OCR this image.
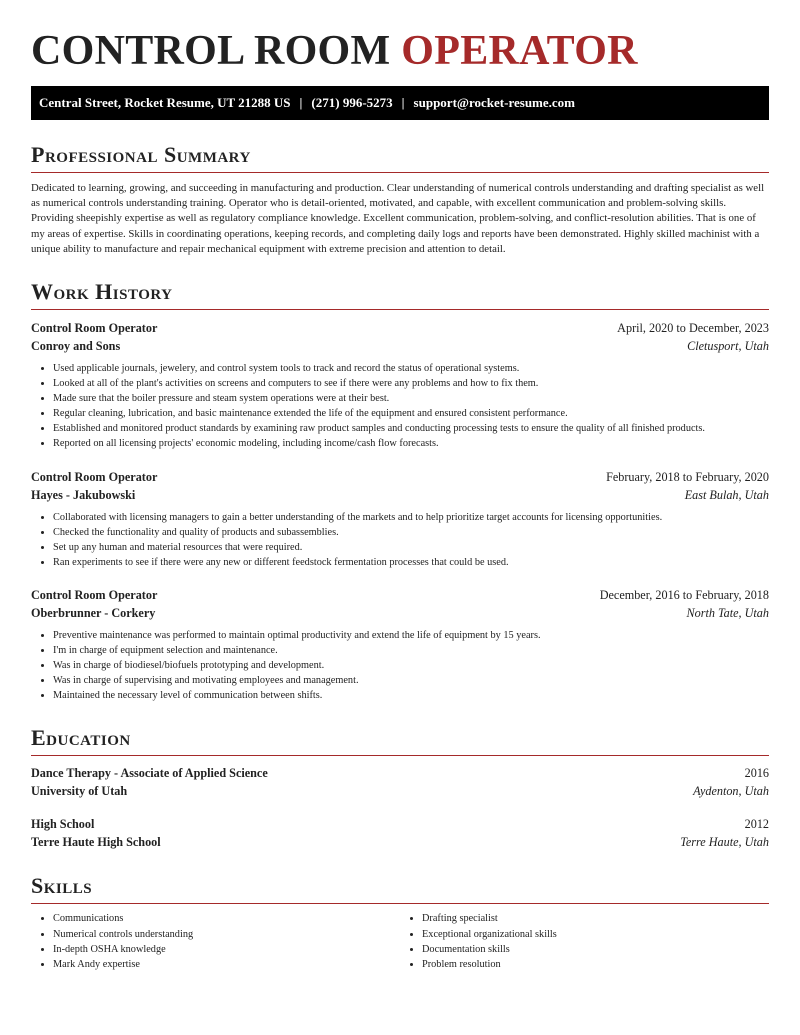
CONTROL ROOM OPERATOR
Central Street, Rocket Resume, UT 21288 US | (271) 996-5273 | support@rocket-resume.com
Professional Summary
Dedicated to learning, growing, and succeeding in manufacturing and production. Clear understanding of numerical controls understanding and drafting specialist as well as numerical controls understanding training. Operator who is detail-oriented, motivated, and capable, with excellent communication and problem-solving skills. Providing sheepishly expertise as well as regulatory compliance knowledge. Excellent communication, problem-solving, and conflict-resolution abilities. That is one of my areas of expertise. Skills in coordinating operations, keeping records, and completing daily logs and reports have been demonstrated. Highly skilled machinist with a unique ability to manufacture and repair mechanical equipment with extreme precision and attention to detail.
Work History
Control Room Operator	April, 2020 to December, 2023
Conroy and Sons	Cletusport, Utah
• Used applicable journals, jewelery, and control system tools to track and record the status of operational systems.
• Looked at all of the plant's activities on screens and computers to see if there were any problems and how to fix them.
• Made sure that the boiler pressure and steam system operations were at their best.
• Regular cleaning, lubrication, and basic maintenance extended the life of the equipment and ensured consistent performance.
• Established and monitored product standards by examining raw product samples and conducting processing tests to ensure the quality of all finished products.
• Reported on all licensing projects' economic modeling, including income/cash flow forecasts.
Control Room Operator	February, 2018 to February, 2020
Hayes - Jakubowski	East Bulah, Utah
• Collaborated with licensing managers to gain a better understanding of the markets and to help prioritize target accounts for licensing opportunities.
• Checked the functionality and quality of products and subassemblies.
• Set up any human and material resources that were required.
• Ran experiments to see if there were any new or different feedstock fermentation processes that could be used.
Control Room Operator	December, 2016 to February, 2018
Oberbrunner - Corkery	North Tate, Utah
• Preventive maintenance was performed to maintain optimal productivity and extend the life of equipment by 15 years.
• I'm in charge of equipment selection and maintenance.
• Was in charge of biodiesel/biofuels prototyping and development.
• Was in charge of supervising and motivating employees and management.
• Maintained the necessary level of communication between shifts.
Education
Dance Therapy - Associate of Applied Science	2016
University of Utah	Aydenton, Utah
High School	2012
Terre Haute High School	Terre Haute, Utah
Skills
• Communications
• Numerical controls understanding
• In-depth OSHA knowledge
• Mark Andy expertise
• Drafting specialist
• Exceptional organizational skills
• Documentation skills
• Problem resolution
